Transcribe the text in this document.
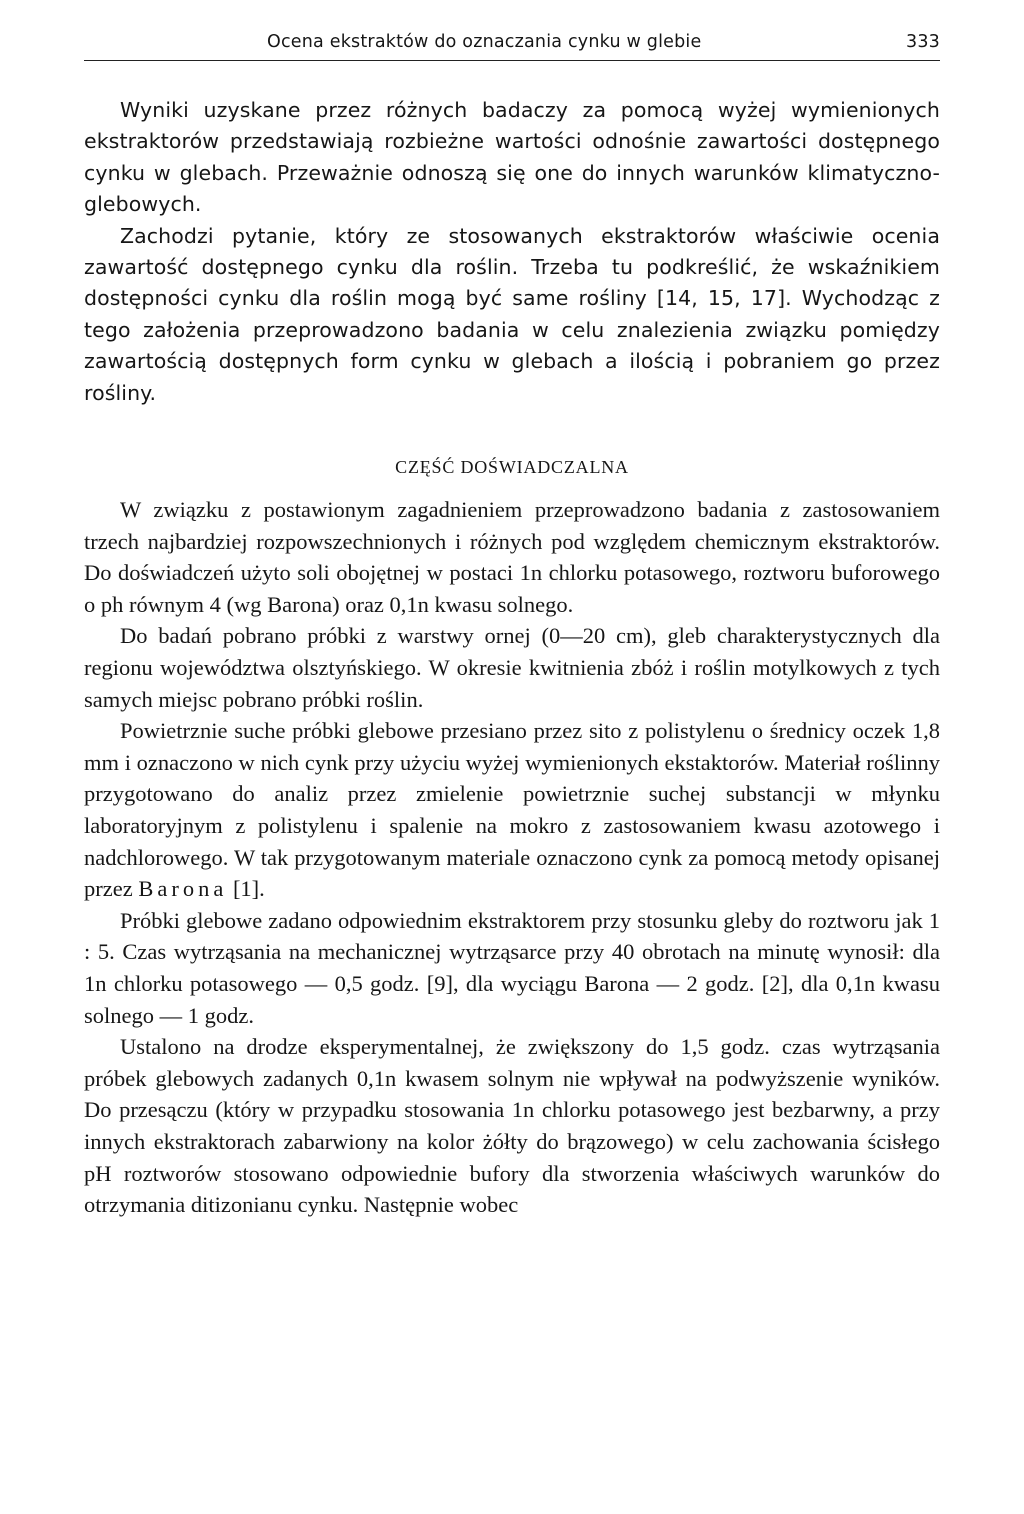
Ocena ekstraktów do oznaczania cynku w glebie	333

Wyniki uzyskane przez różnych badaczy za pomocą wyżej wymienionych ekstraktorów przedstawiają rozbieżne wartości odnośnie zawartości dostępnego cynku w glebach. Przeważnie odnoszą się one do innych warunków klimatyczno-glebowych.

Zachodzi pytanie, który ze stosowanych ekstraktorów właściwie ocenia zawartość dostępnego cynku dla roślin. Trzeba tu podkreślić, że wskaźnikiem dostępności cynku dla roślin mogą być same rośliny [14, 15, 17]. Wychodząc z tego założenia przeprowadzono badania w celu znalezienia związku pomiędzy zawartością dostępnych form cynku w glebach a ilością i pobraniem go przez rośliny.

CZĘŚĆ DOŚWIADCZALNA

W związku z postawionym zagadnieniem przeprowadzono badania z zastosowaniem trzech najbardziej rozpowszechnionych i różnych pod względem chemicznym ekstraktorów. Do doświadczeń użyto soli obojętnej w postaci 1n chlorku potasowego, roztworu buforowego o ph równym 4 (wg Barona) oraz 0,1n kwasu solnego.

Do badań pobrano próbki z warstwy ornej (0—20 cm), gleb charakterystycznych dla regionu województwa olsztyńskiego. W okresie kwitnienia zbóż i roślin motylkowych z tych samych miejsc pobrano próbki roślin.

Powietrznie suche próbki glebowe przesiano przez sito z polistylenu o średnicy oczek 1,8 mm i oznaczono w nich cynk przy użyciu wyżej wymienionych ekstaktorów. Materiał roślinny przygotowano do analiz przez zmielenie powietrznie suchej substancji w młynku laboratoryjnym z polistylenu i spalenie na mokro z zastosowaniem kwasu azotowego i nadchlorowego. W tak przygotowanym materiale oznaczono cynk za pomocą metody opisanej przez Barona [1].

Próbki glebowe zadano odpowiednim ekstraktorem przy stosunku gleby do roztworu jak 1 : 5. Czas wytrząsania na mechanicznej wytrząsarce przy 40 obrotach na minutę wynosił: dla 1n chlorku potasowego — 0,5 godz. [9], dla wyciągu Barona — 2 godz. [2], dla 0,1n kwasu solnego — 1 godz.

Ustalono na drodze eksperymentalnej, że zwiększony do 1,5 godz. czas wytrząsania próbek glebowych zadanych 0,1n kwasem solnym nie wpływał na podwyższenie wyników. Do przesączu (który w przypadku stosowania 1n chlorku potasowego jest bezbarwny, a przy innych ekstraktorach zabarwiony na kolor żółty do brązowego) w celu zachowania ścisłego pH roztworów stosowano odpowiednie bufory dla stworzenia właściwych warunków do otrzymania ditizonianu cynku. Następnie wobec
